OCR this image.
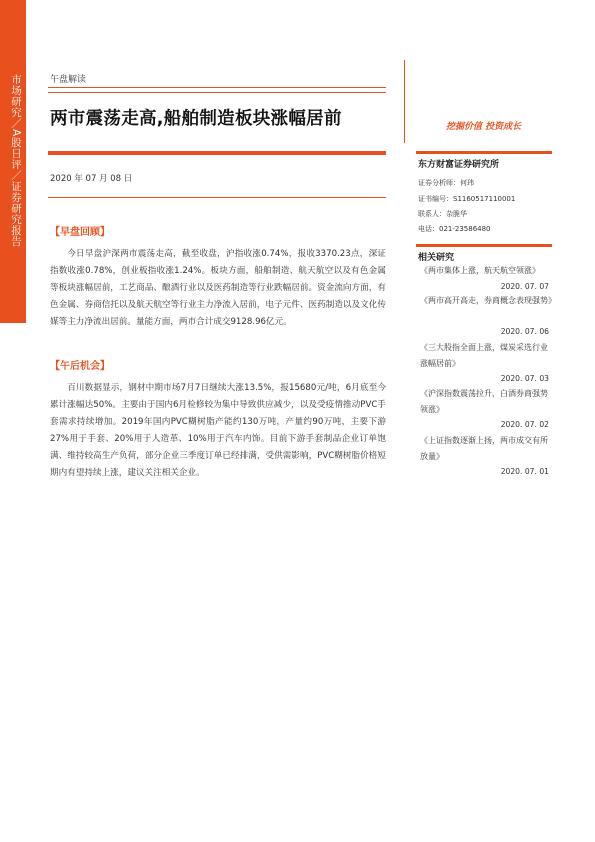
市场研究／A股日评／证券研究报告	午盘解读
两市震荡走高,船舶制造板块涨幅居前
2020 年 07 月 08 日
【早盘回顾】
今日早盘沪深两市震荡走高，截至收盘，沪指收涨0.74%，报收3370.23点，深证指数收涨0.78%，创业板指收涨1.24%。板块方面，船舶制造、航天航空以及有色金属等板块涨幅居前，工艺商品、酿酒行业以及医药制造等行业跌幅居前。资金流向方面，有色金属、券商信托以及航天航空等行业主力净流入居前，电子元件、医药制造以及文化传媒等主力净流出居前。量能方面，两市合计成交9128.96亿元。
【午后机会】
百川数据显示，钢材中期市场7月7日继续大涨13.5%，报15680元/吨，6月底至今累计涨幅达50%。主要由于国内6月检修较为集中导致供应减少，以及受疫情推动PVC手套需求持续增加。2019年国内PVC糊树脂产能约130万吨，产量约90万吨，主要下游27%用于手套、20%用于人造革、10%用于汽车内饰。目前下游手套制品企业订单饱满、维持较高生产负荷，部分企业三季度订单已经排满，受供需影响，PVC糊树脂价格短期内有望持续上涨，建议关注相关企业。
挖掘价值 投资成长
东方财富证券研究所
证券分析师：何玮
证书编号：S1160517110001
联系人：杂脆华
电话：021-23586480
相关研究
《两市集体上涨，航天航空领涨》
2020. 07. 07
《两市高开高走，券商概念表现强势》
2020. 07. 06
《三大股指全面上涨，煤炭采选行业涨幅居前》
2020. 07. 03
《沪深指数震荡拉升，白酒券商强势领涨》
2020. 07. 02
《上证指数逐渐上扬，两市成交有所放量》
2020. 07. 01
